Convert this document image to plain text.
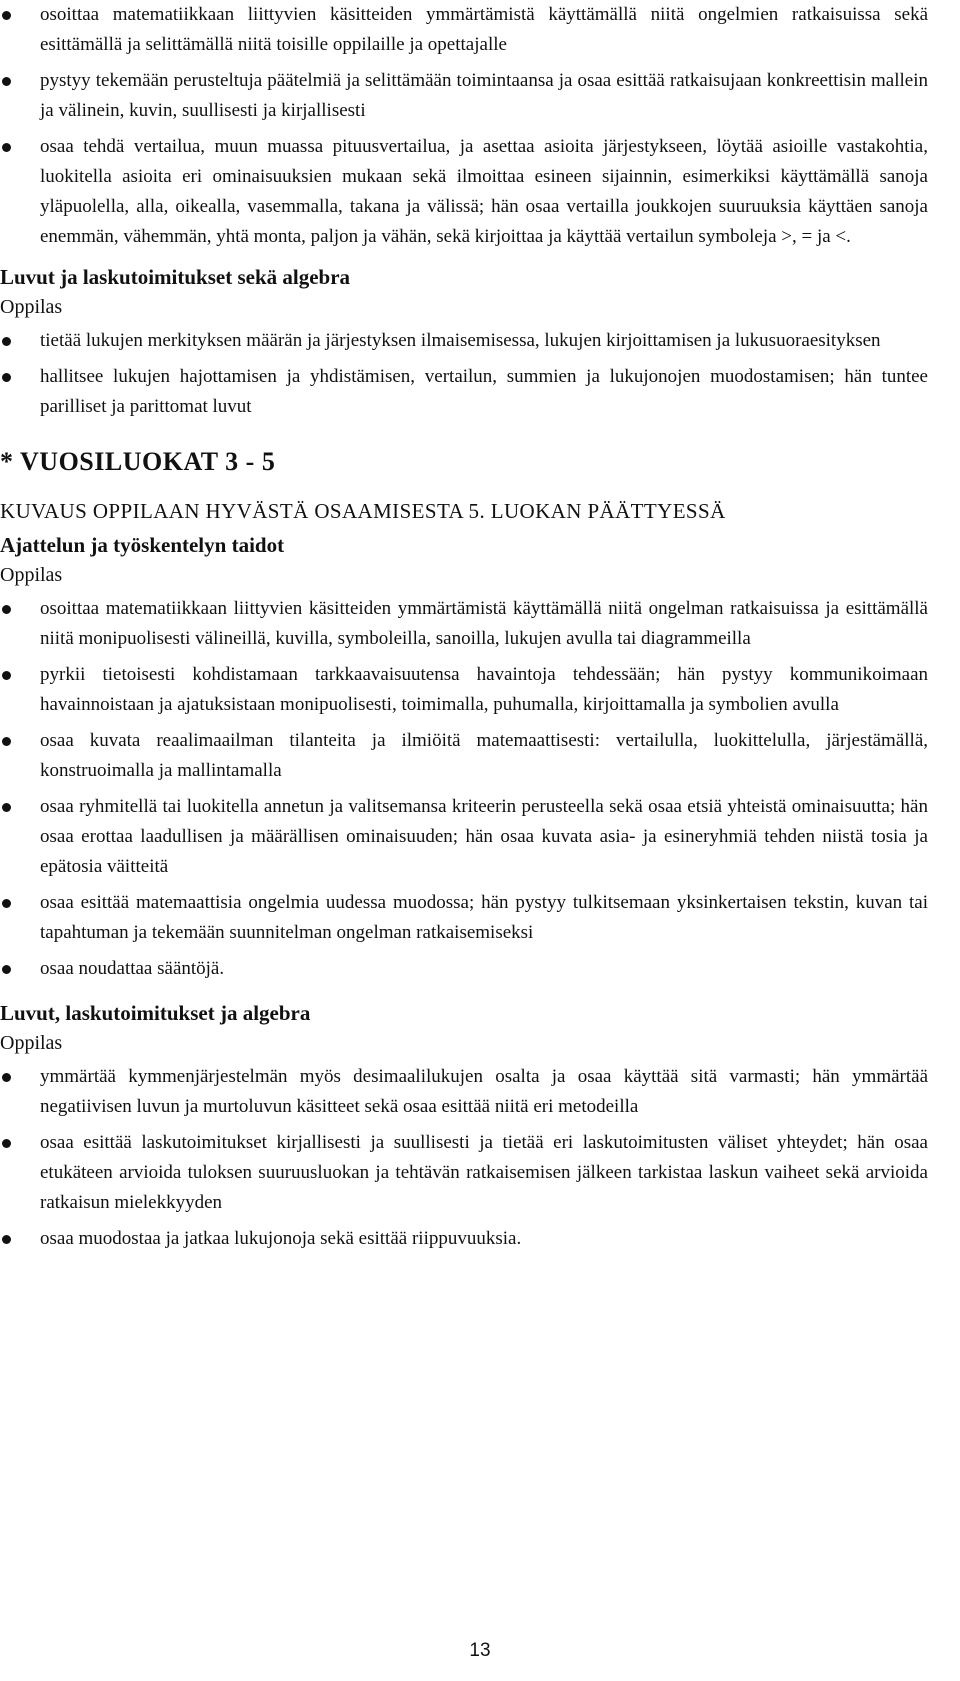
osoittaa matematiikkaan liittyvien käsitteiden ymmärtämistä käyttämällä niitä ongelmien ratkaisuissa sekä esittämällä ja selittämällä niitä toisille oppilaille ja opettajalle
pystyy tekemään perusteltuja päätelmiä ja selittämään toimintaansa ja osaa esittää ratkaisujaan konkreettisin mallein ja välinein, kuvin, suullisesti ja kirjallisesti
osaa tehdä vertailua, muun muassa pituusvertailua, ja asettaa asioita järjestykseen, löytää asioille vastakohtia, luokitella asioita eri ominaisuuksien mukaan sekä ilmoittaa esineen sijainnin, esimerkiksi käyttämällä sanoja yläpuolella, alla, oikealla, vasemmalla, takana ja välissä; hän osaa vertailla joukkojen suuruuksia käyttäen sanoja enemmän, vähemmän, yhtä monta, paljon ja vähän, sekä kirjoittaa ja käyttää vertailun symboleja >, = ja <.
Luvut ja laskutoimitukset sekä algebra
Oppilas
tietää lukujen merkityksen määrän ja järjestyksen ilmaisemisessa, lukujen kirjoittamisen ja lukusuoraesityksen
hallitsee lukujen hajottamisen ja yhdistämisen, vertailun, summien ja lukujonojen muodostamisen; hän tuntee parilliset ja parittomat luvut
* VUOSILUOKAT 3 - 5
KUVAUS OPPILAAN HYVÄSTÄ OSAAMISESTA 5. LUOKAN PÄÄTTYESSÄ
Ajattelun ja työskentelyn taidot
Oppilas
osoittaa matematiikkaan liittyvien käsitteiden ymmärtämistä käyttämällä niitä ongelman ratkaisuissa ja esittämällä niitä monipuolisesti välineillä, kuvilla, symboleilla, sanoilla, lukujen avulla tai diagrammeilla
pyrkii tietoisesti kohdistamaan tarkkaavaisuutensa havaintoja tehdessään; hän pystyy kommunikoimaan havainnoistaan ja ajatuksistaan monipuolisesti, toimimalla, puhumalla, kirjoittamalla ja symbolien avulla
osaa kuvata reaalimaailman tilanteita ja ilmiöitä matemaattisesti: vertailulla, luokittelulla, järjestämällä, konstruoimalla ja mallintamalla
osaa ryhmitellä tai luokitella annetun ja valitsemansa kriteerin perusteella sekä osaa etsiä yhteistä ominaisuutta; hän osaa erottaa laadullisen ja määrällisen ominaisuuden; hän osaa kuvata asia- ja esineryhmiä tehden niistä tosia ja epätosia väitteitä
osaa esittää matemaattisia ongelmia uudessa muodossa; hän pystyy tulkitsemaan yksinkertaisen tekstin, kuvan tai tapahtuman ja tekemään suunnitelman ongelman ratkaisemiseksi
osaa noudattaa sääntöjä.
Luvut, laskutoimitukset ja algebra
Oppilas
ymmärtää kymmenjärjestelmän myös desimaalilukujen osalta ja osaa käyttää sitä varmasti; hän ymmärtää negatiivisen luvun ja murtoluvun käsitteet sekä osaa esittää niitä eri metodeilla
osaa esittää laskutoimitukset kirjallisesti ja suullisesti ja tietää eri laskutoimitusten väliset yhteydet; hän osaa etukäteen arvioida tuloksen suuruusluokan ja tehtävän ratkaisemisen jälkeen tarkistaa laskun vaiheet sekä arvioida ratkaisun mielekkyyden
osaa muodostaa ja jatkaa lukujonoja sekä esittää riippuvuuksia.
13
